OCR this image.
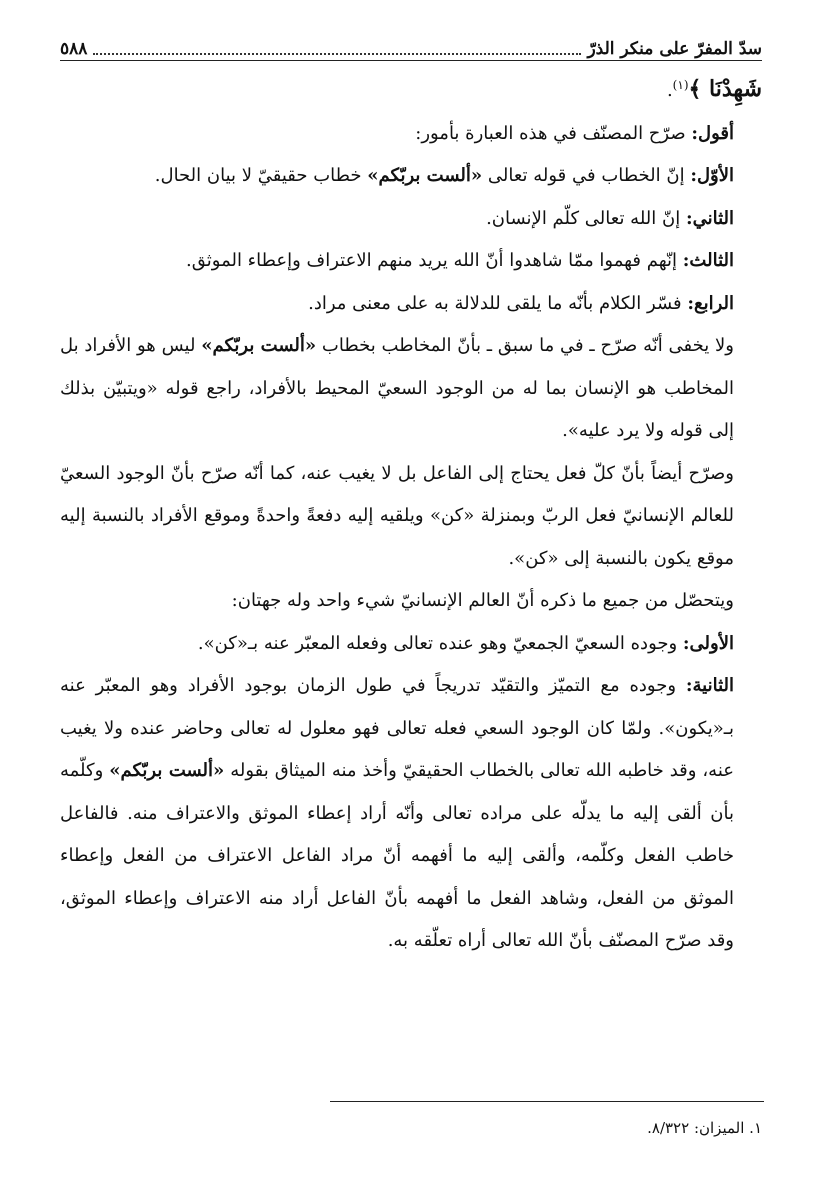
سدّ المفرّ على منكر الذرّ
٥٨٨

شَهِدْنَا ﴾$^{(١)}$.

أقول: صرّح المصنّف في هذه العبارة بأمور:

الأوّل: إنّ الخطاب في قوله تعالى «ألست بربّكم» خطاب حقيقيّ لا بيان الحال.

الثاني: إنّ الله تعالى كلّم الإنسان.

الثالث: إنّهم فهموا ممّا شاهدوا أنّ الله يريد منهم الاعتراف وإعطاء الموثق.

الرابع: فسّر الكلام بأنّه ما يلقى للدلالة به على معنى مراد.

ولا يخفى أنّه صرّح ـ في ما سبق ـ بأنّ المخاطب بخطاب «ألست بربّكم» ليس هو الأفراد بل المخاطب هو الإنسان بما له من الوجود السعيّ المحيط بالأفراد، راجع قوله «ويتبيّن بذلك إلى قوله ولا يرد عليه».

وصرّح أيضاً بأنّ كلّ فعل يحتاج إلى الفاعل بل لا يغيب عنه، كما أنّه صرّح بأنّ الوجود السعيّ للعالم الإنسانيّ فعل الربّ وبمنزلة «كن» ويلقيه إليه دفعةً واحدةً وموقع الأفراد بالنسبة إليه موقع يكون بالنسبة إلى «كن».

ويتحصّل من جميع ما ذكره أنّ العالم الإنسانيّ شيء واحد وله جهتان:

الأولى: وجوده السعيّ الجمعيّ وهو عنده تعالى وفعله المعبّر عنه بـ«كن».

الثانية: وجوده مع التميّز والتقيّد تدريجاً في طول الزمان بوجود الأفراد وهو المعبّر عنه بـ«يكون». ولمّا كان الوجود السعي فعله تعالى فهو معلول له تعالى وحاضر عنده ولا يغيب عنه، وقد خاطبه الله تعالى بالخطاب الحقيقيّ وأخذ منه الميثاق بقوله «ألست بربّكم» وكلّمه بأن ألقى إليه ما يدلّه على مراده تعالى وأنّه أراد إعطاء الموثق والاعتراف منه. فالفاعل خاطب الفعل وكلّمه، وألقى إليه ما أفهمه أنّ مراد الفاعل الاعتراف من الفعل وإعطاء الموثق من الفعل، وشاهد الفعل ما أفهمه بأنّ الفاعل أراد منه الاعتراف وإعطاء الموثق، وقد صرّح المصنّف بأنّ الله تعالى أراه تعلّقه به.

١. الميزان: ٨/٣٢٢.
